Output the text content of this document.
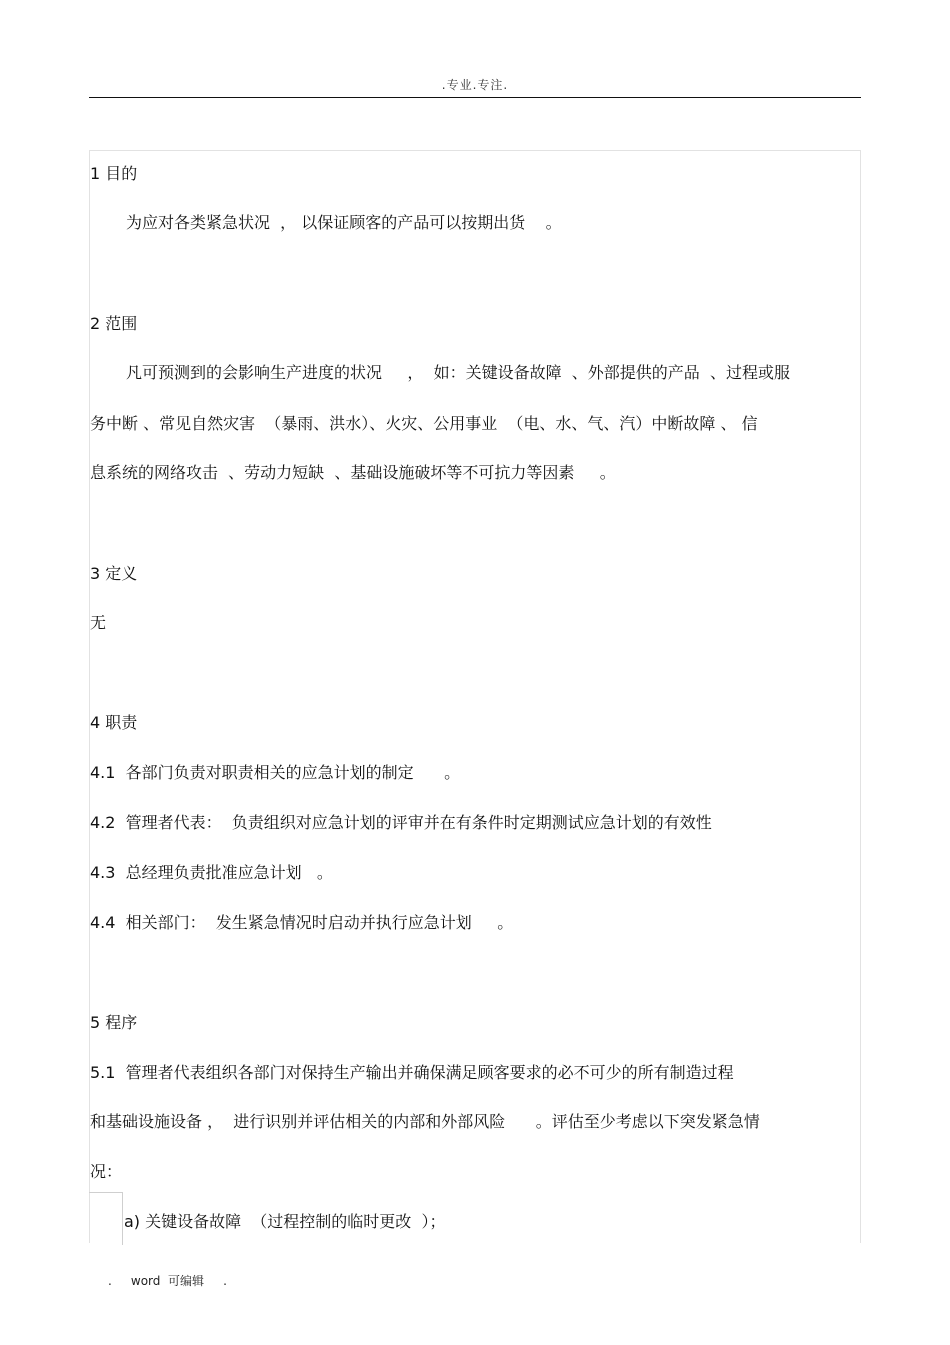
.专业.专注.
1 目的
为应对各类紧急状况  ， 以保证顾客的产品可以按期出货    。
2 范围
凡可预测到的会影响生产进度的状况     ，  如：关键设备故障  、外部提供的产品  、过程或服
务中断 、常见自然灾害  （暴雨、洪水）、火灾、公用事业  （电、水、气、汽）中断故障 、 信
息系统的网络攻击  、劳动力短缺  、基础设施破坏等不可抗力等因素     。
3 定义
无
4 职责
4.1  各部门负责对职责相关的应急计划的制定      。
4.2  管理者代表：  负责组织对应急计划的评审并在有条件时定期测试应急计划的有效性
4.3  总经理负责批准应急计划   。
4.4  相关部门：  发生紧急情况时启动并执行应急计划     。
5 程序
5.1  管理者代表组织各部门对保持生产输出并确保满足顾客要求的必不可少的所有制造过程
和基础设施设备 ，  进行识别并评估相关的内部和外部风险      。评估至少考虑以下突发紧急情
况：
a) 关键设备故障  （过程控制的临时更改  ）；
.     word  可编辑     .
